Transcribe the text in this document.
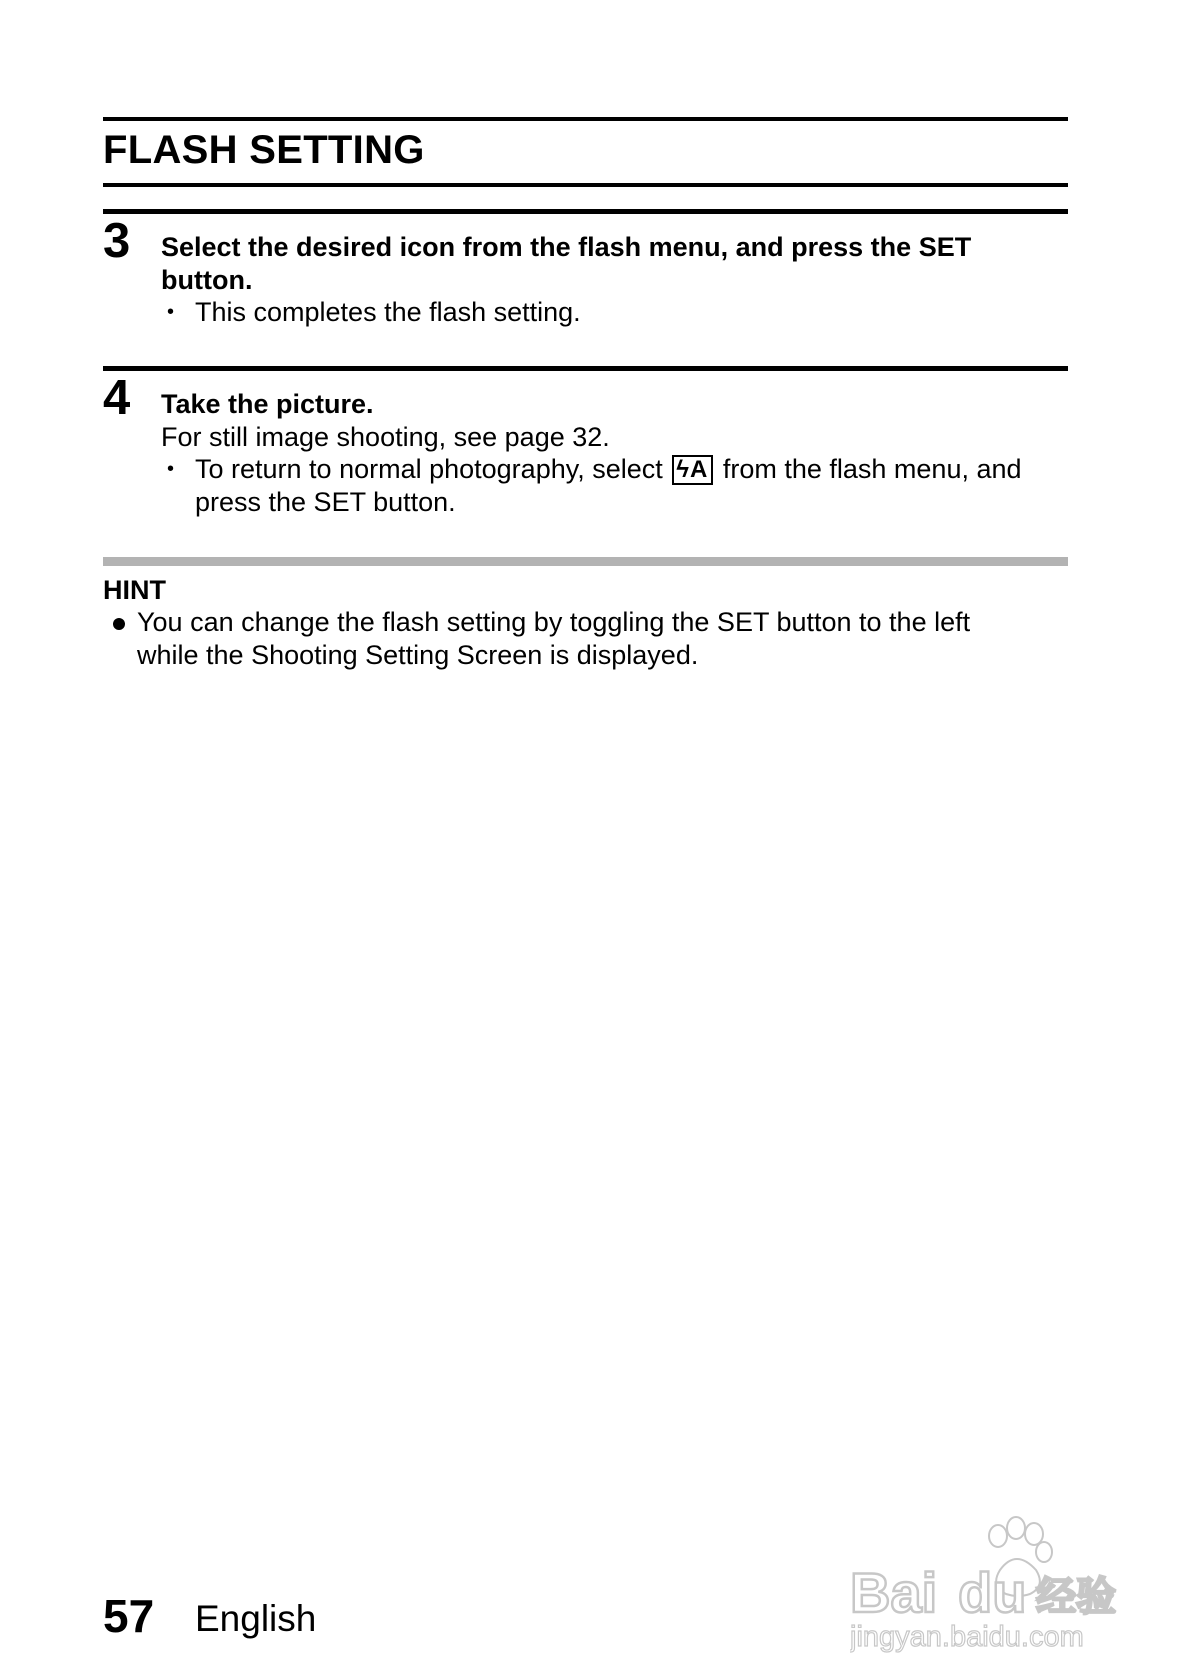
FLASH SETTING
3 Select the desired icon from the flash menu, and press the SET

button.

• This completes the flash setting.

4 Take the picture.

For still image shooting, see page 32.

• To return to normal photography, select ϟA from the flash menu, and
press the SET button.
HINT
You can change the flash setting by toggling the SET button to the left
while the Shooting Setting Screen is displayed.
57 English	Bai du 经验
jingyan.baidu.com
